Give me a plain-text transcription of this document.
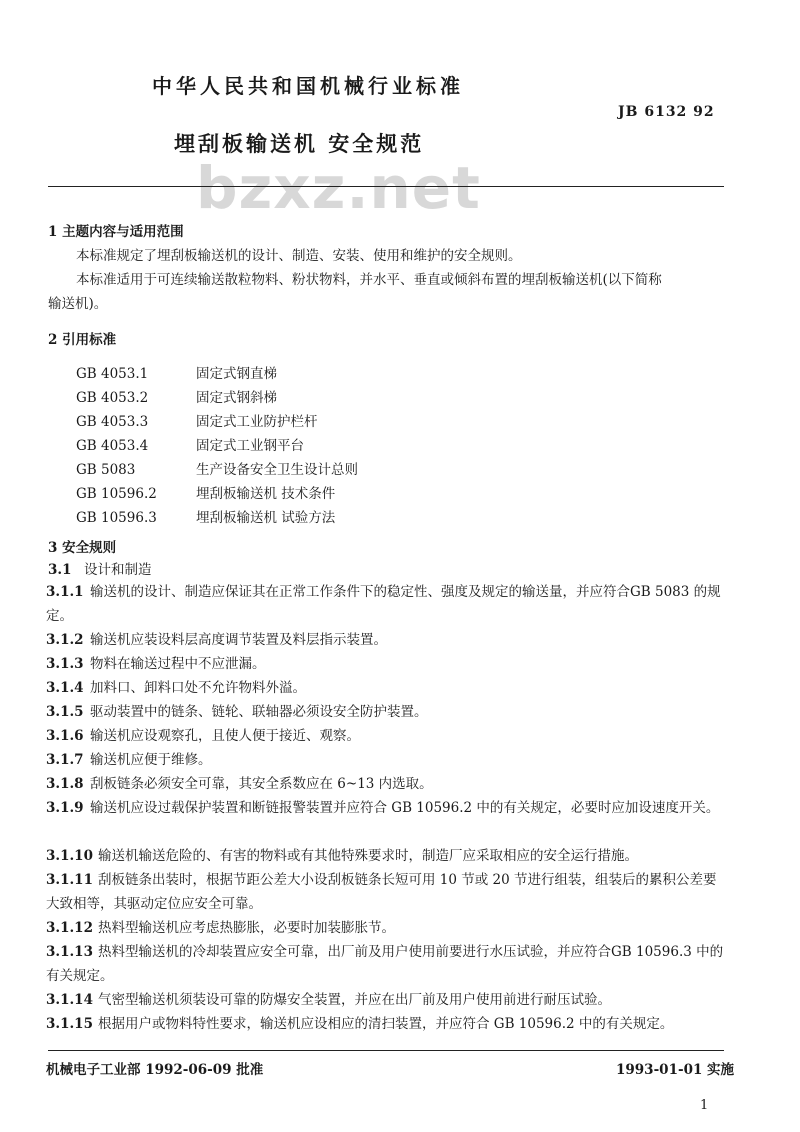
中华人民共和国机械行业标准
JB 6132 92
bzxz.net
埋刮板输送机 安全规范
1 主题内容与适用范围
本标准规定了埋刮板输送机的设计、制造、安装、使用和维护的安全规则。
本标准适用于可连续输送散粒物料、粉状物料，并水平、垂直或倾斜布置的埋刮板输送机(以下简称
输送机)。
2 引用标准
GB 4053.1	固定式钢直梯
GB 4053.2	固定式钢斜梯
GB 4053.3	固定式工业防护栏杆
GB 4053.4	固定式工业钢平台
GB 5083	生产设备安全卫生设计总则
GB 10596.2	埋刮板输送机 技术条件
GB 10596.3	埋刮板输送机 试验方法
3 安全规则
3.1 设计和制造
3.1.1 输送机的设计、制造应保证其在正常工作条件下的稳定性、强度及规定的输送量，并应符合GB 5083 的规定。
3.1.2 输送机应装设料层高度调节装置及料层指示装置。
3.1.3 物料在输送过程中不应泄漏。
3.1.4 加料口、卸料口处不允许物料外溢。
3.1.5 驱动装置中的链条、链轮、联轴器必须设安全防护装置。
3.1.6 输送机应设观察孔，且使人便于接近、观察。
3.1.7 输送机应便于维修。
3.1.8 刮板链条必须安全可靠，其安全系数应在 6~13 内选取。
3.1.9 输送机应设过载保护装置和断链报警装置并应符合 GB 10596.2 中的有关规定，必要时应加设速度开关。
3.1.10 输送机输送危险的、有害的物料或有其他特殊要求时，制造厂应采取相应的安全运行措施。
3.1.11 刮板链条出装时，根据节距公差大小设刮板链条长短可用 10 节或 20 节进行组装，组装后的累积公差要大致相等，其驱动定位应安全可靠。
3.1.12 热料型输送机应考虑热膨胀，必要时加装膨胀节。
3.1.13 热料型输送机的冷却装置应安全可靠，出厂前及用户使用前要进行水压试验，并应符合GB 10596.3 中的有关规定。
3.1.14 气密型输送机须装设可靠的防爆安全装置，并应在出厂前及用户使用前进行耐压试验。
3.1.15 根据用户或物料特性要求，输送机应设相应的清扫装置，并应符合 GB 10596.2 中的有关规定。
机械电子工业部 1992-06-09 批准	1993-01-01 实施
1
